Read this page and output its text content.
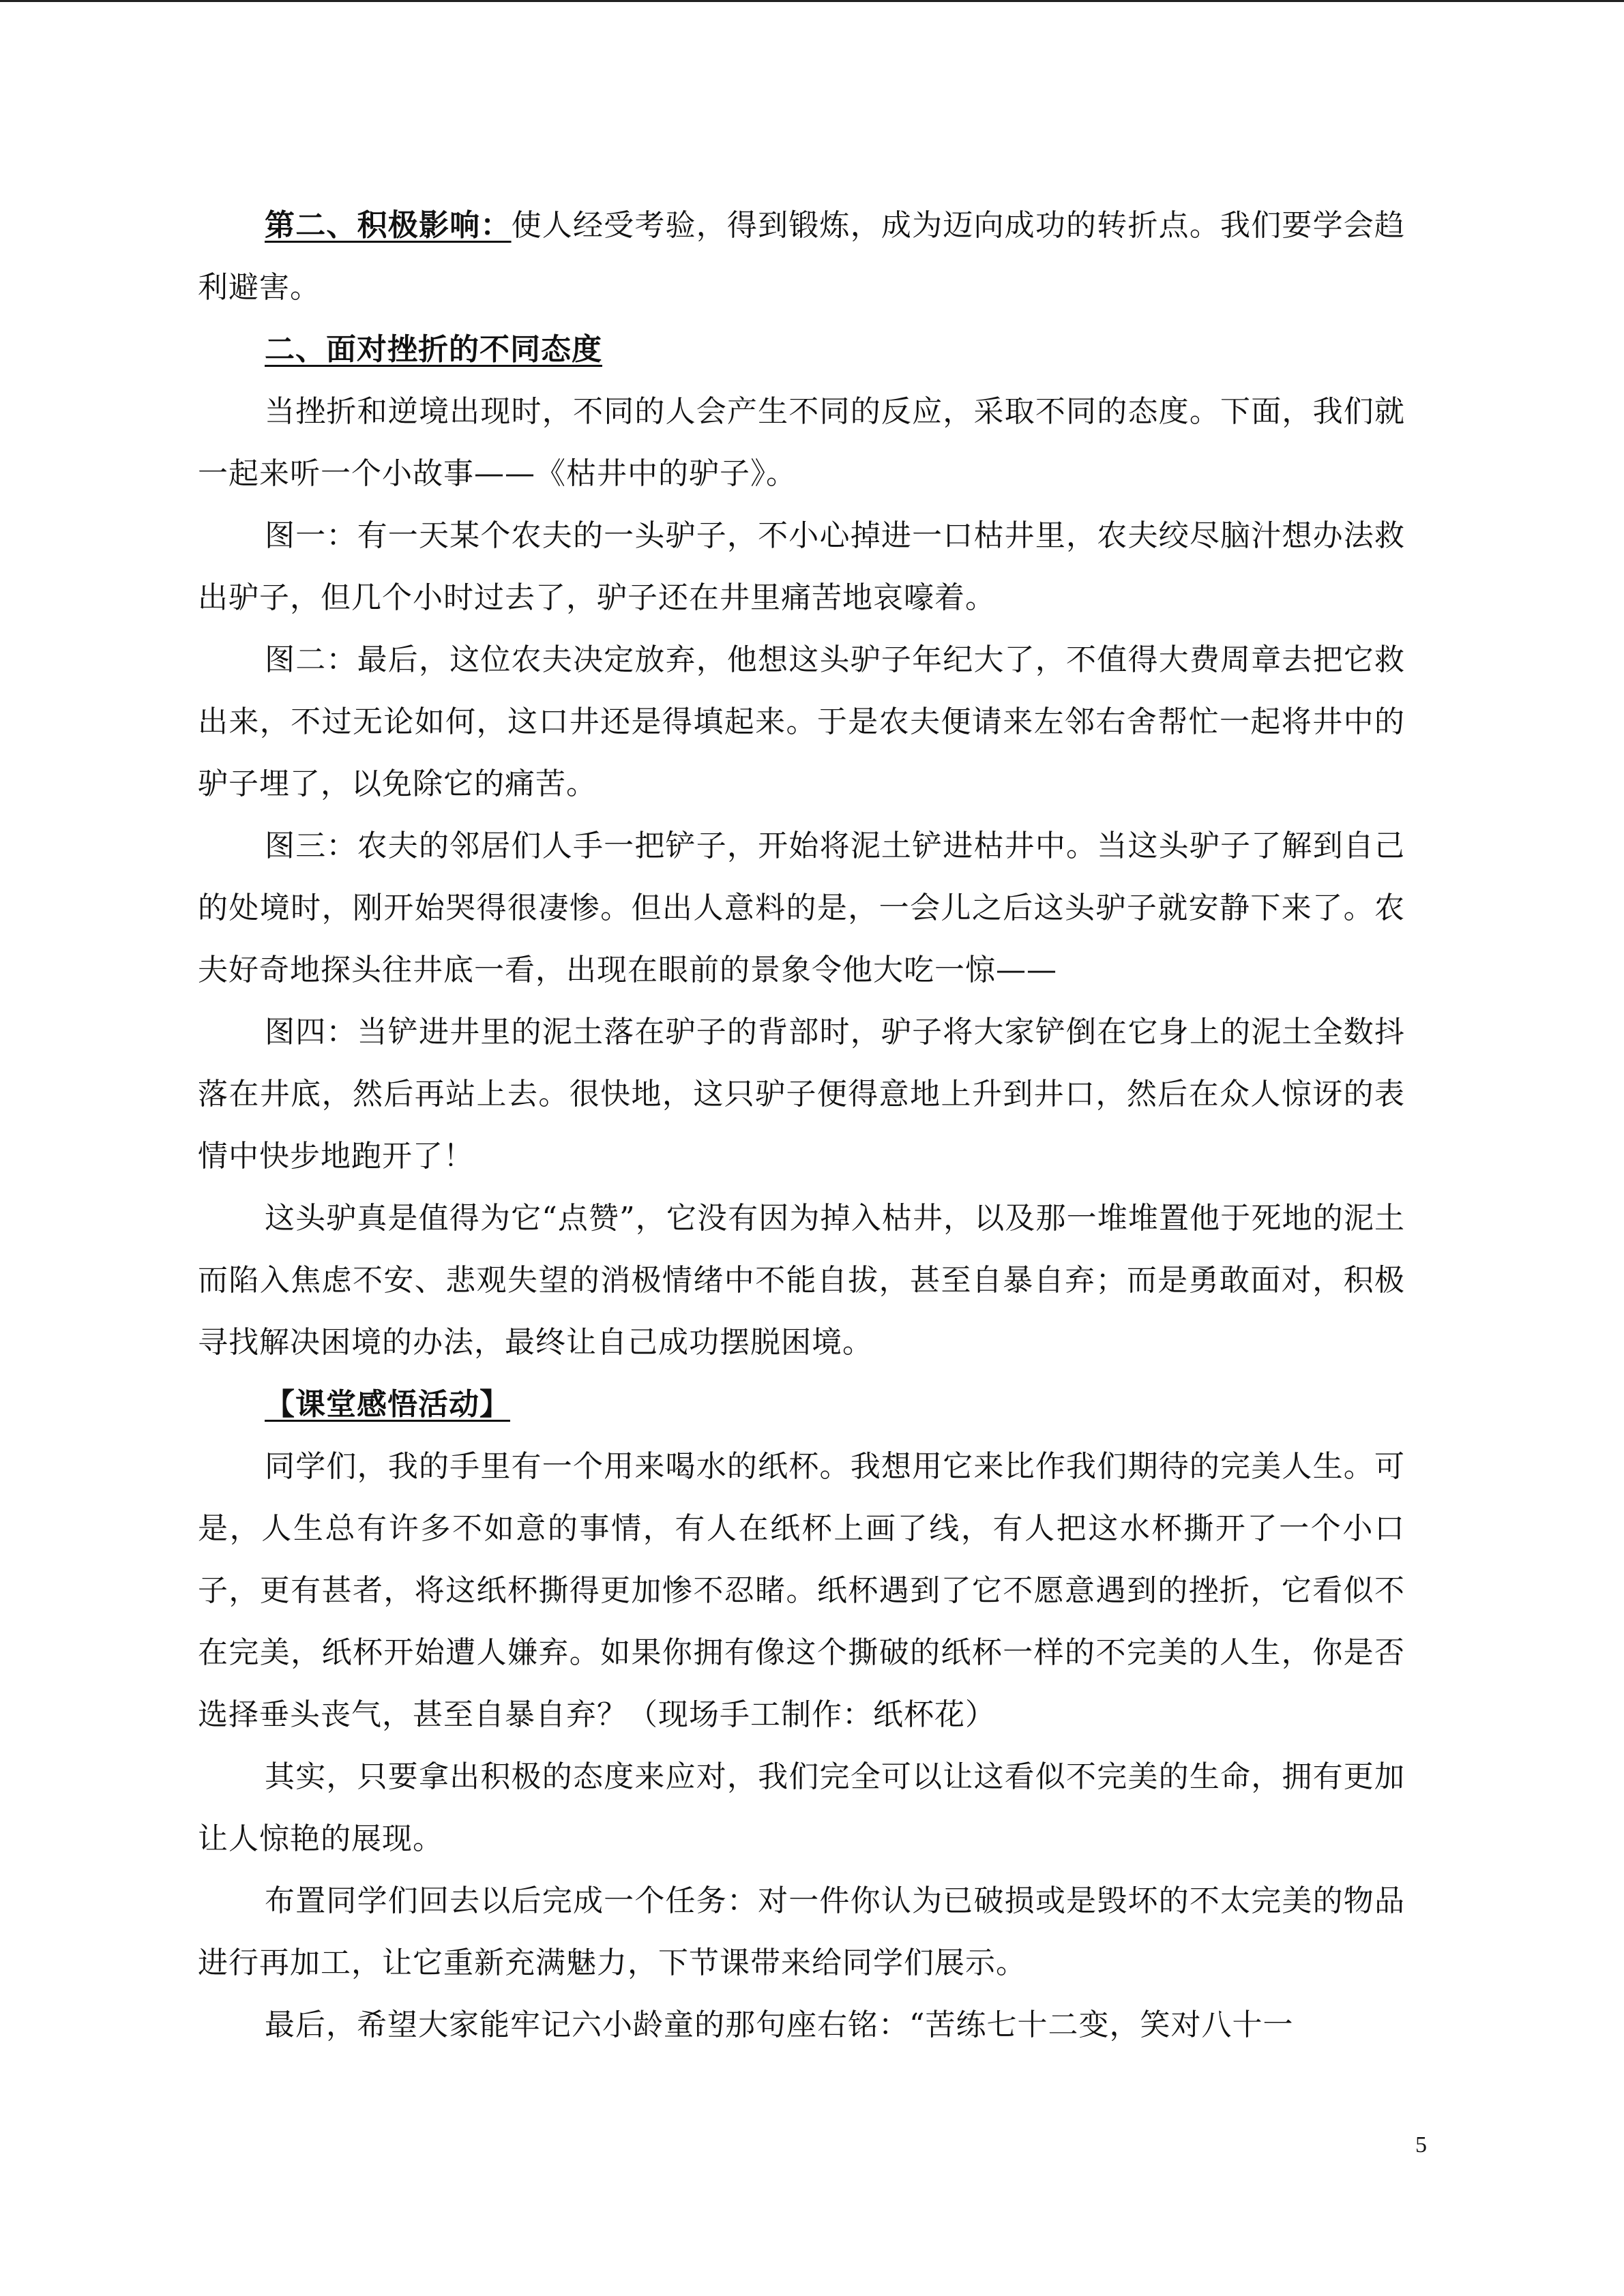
第二、积极影响：使人经受考验，得到锻炼，成为迈向成功的转折点。我们要学会趋利避害。

二、面对挫折的不同态度

当挫折和逆境出现时，不同的人会产生不同的反应，采取不同的态度。下面，我们就一起来听一个小故事——《枯井中的驴子》。

图一：有一天某个农夫的一头驴子，不小心掉进一口枯井里，农夫绞尽脑汁想办法救出驴子，但几个小时过去了，驴子还在井里痛苦地哀嚎着。

图二：最后，这位农夫决定放弃，他想这头驴子年纪大了，不值得大费周章去把它救出来，不过无论如何，这口井还是得填起来。于是农夫便请来左邻右舍帮忙一起将井中的驴子埋了，以免除它的痛苦。

图三：农夫的邻居们人手一把铲子，开始将泥土铲进枯井中。当这头驴子了解到自己的处境时，刚开始哭得很凄惨。但出人意料的是，一会儿之后这头驴子就安静下来了。农夫好奇地探头往井底一看，出现在眼前的景象令他大吃一惊——

图四：当铲进井里的泥土落在驴子的背部时，驴子将大家铲倒在它身上的泥土全数抖落在井底，然后再站上去。很快地，这只驴子便得意地上升到井口，然后在众人惊讶的表情中快步地跑开了！

这头驴真是值得为它“点赞”，它没有因为掉入枯井，以及那一堆堆置他于死地的泥土而陷入焦虑不安、悲观失望的消极情绪中不能自拔，甚至自暴自弃；而是勇敢面对，积极寻找解决困境的办法，最终让自己成功摆脱困境。

【课堂感悟活动】

同学们，我的手里有一个用来喝水的纸杯。我想用它来比作我们期待的完美人生。可是，人生总有许多不如意的事情，有人在纸杯上画了线，有人把这水杯撕开了一个小口子，更有甚者，将这纸杯撕得更加惨不忍睹。纸杯遇到了它不愿意遇到的挫折，它看似不在完美，纸杯开始遭人嫌弃。如果你拥有像这个撕破的纸杯一样的不完美的人生，你是否选择垂头丧气，甚至自暴自弃？（现场手工制作：纸杯花）

其实，只要拿出积极的态度来应对，我们完全可以让这看似不完美的生命，拥有更加让人惊艳的展现。

布置同学们回去以后完成一个任务：对一件你认为已破损或是毁坏的不太完美的物品进行再加工，让它重新充满魅力，下节课带来给同学们展示。

最后，希望大家能牢记六小龄童的那句座右铭：“苦练七十二变，笑对八十一

5
